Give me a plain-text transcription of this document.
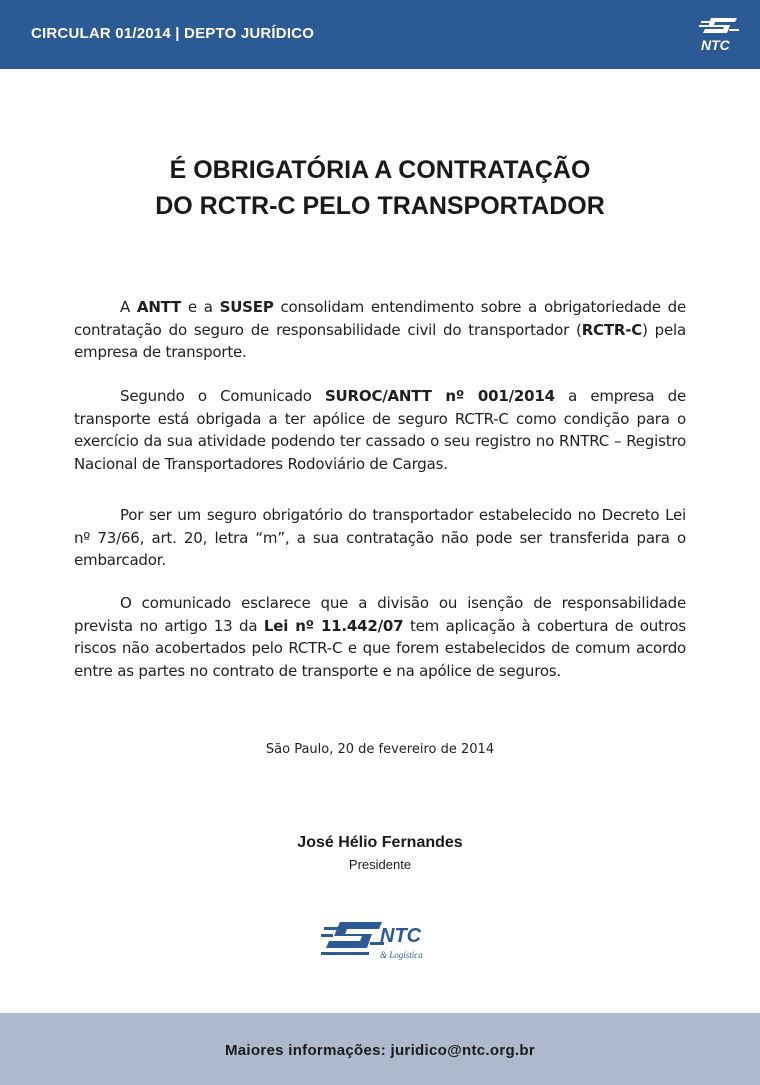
CIRCULAR 01/2014 | DEPTO JURÍDICO
NTC
É OBRIGATÓRIA A CONTRATAÇÃO
DO RCTR-C PELO TRANSPORTADOR

A ANTT e a SUSEP consolidam entendimento sobre a obrigatoriedade de contratação do seguro de responsabilidade civil do transportador (RCTR-C) pela empresa de transporte.

Segundo o Comunicado SUROC/ANTT nº 001/2014 a empresa de transporte está obrigada a ter apólice de seguro RCTR-C como condição para o exercício da sua atividade podendo ter cassado o seu registro no RNTRC – Registro Nacional de Transportadores Rodoviário de Cargas.

Por ser um seguro obrigatório do transportador estabelecido no Decreto Lei nº 73/66, art. 20, letra “m”, a sua contratação não pode ser transferida para o embarcador.

O comunicado esclarece que a divisão ou isenção de responsabilidade prevista no artigo 13 da Lei nº 11.442/07 tem aplicação à cobertura de outros riscos não acobertados pelo RCTR-C e que forem estabelecidos de comum acordo entre as partes no contrato de transporte e na apólice de seguros.

São Paulo, 20 de fevereiro de 2014
José Hélio Fernandes
Presidente
NTC
& Logística
Maiores informações: juridico@ntc.org.br
